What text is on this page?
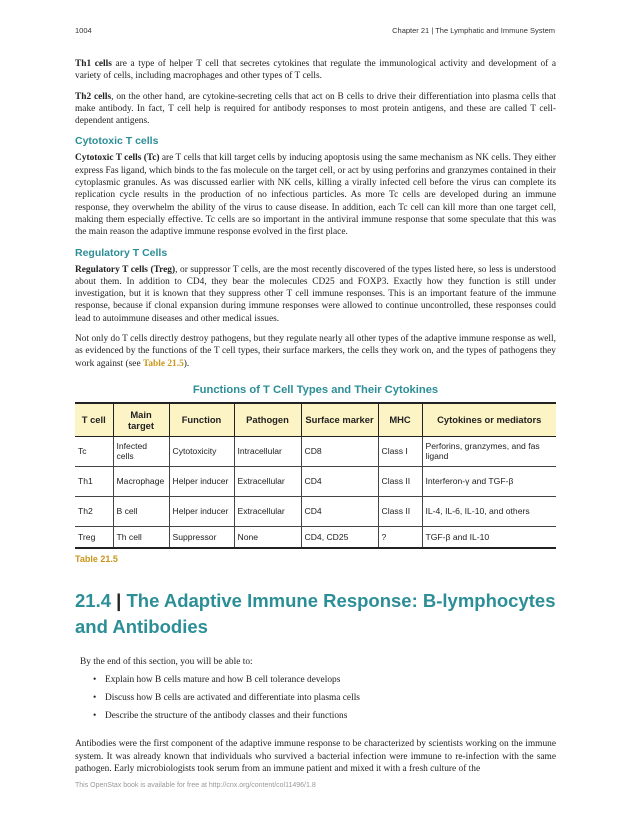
1004	Chapter 21 | The Lymphatic and Immune System

Th1 cells are a type of helper T cell that secretes cytokines that regulate the immunological activity and development of a variety of cells, including macrophages and other types of T cells.

Th2 cells, on the other hand, are cytokine-secreting cells that act on B cells to drive their differentiation into plasma cells that make antibody. In fact, T cell help is required for antibody responses to most protein antigens, and these are called T cell-dependent antigens.

Cytotoxic T cells

Cytotoxic T cells (Tc) are T cells that kill target cells by inducing apoptosis using the same mechanism as NK cells. They either express Fas ligand, which binds to the fas molecule on the target cell, or act by using perforins and granzymes contained in their cytoplasmic granules. As was discussed earlier with NK cells, killing a virally infected cell before the virus can complete its replication cycle results in the production of no infectious particles. As more Tc cells are developed during an immune response, they overwhelm the ability of the virus to cause disease. In addition, each Tc cell can kill more than one target cell, making them especially effective. Tc cells are so important in the antiviral immune response that some speculate that this was the main reason the adaptive immune response evolved in the first place.

Regulatory T Cells

Regulatory T cells (Treg), or suppressor T cells, are the most recently discovered of the types listed here, so less is understood about them. In addition to CD4, they bear the molecules CD25 and FOXP3. Exactly how they function is still under investigation, but it is known that they suppress other T cell immune responses. This is an important feature of the immune response, because if clonal expansion during immune responses were allowed to continue uncontrolled, these responses could lead to autoimmune diseases and other medical issues.

Not only do T cells directly destroy pathogens, but they regulate nearly all other types of the adaptive immune response as well, as evidenced by the functions of the T cell types, their surface markers, the cells they work on, and the types of pathogens they work against (see Table 21.5).

Functions of T Cell Types and Their Cytokines
T cell	Main target	Function	Pathogen	Surface marker	MHC	Cytokines or mediators
Tc	Infected cells	Cytotoxicity	Intracellular	CD8	Class I	Perforins, granzymes, and fas ligand
Th1	Macrophage	Helper inducer	Extracellular	CD4	Class II	Interferon-γ and TGF-β
Th2	B cell	Helper inducer	Extracellular	CD4	Class II	IL-4, IL-6, IL-10, and others
Treg	Th cell	Suppressor	None	CD4, CD25	?	TGF-β and IL-10
Table 21.5
21.4 | The Adaptive Immune Response: B-lymphocytes and Antibodies

By the end of this section, you will be able to:

• Explain how B cells mature and how B cell tolerance develops
• Discuss how B cells are activated and differentiate into plasma cells
• Describe the structure of the antibody classes and their functions

Antibodies were the first component of the adaptive immune response to be characterized by scientists working on the immune system. It was already known that individuals who survived a bacterial infection were immune to re-infection with the same pathogen. Early microbiologists took serum from an immune patient and mixed it with a fresh culture of the

This OpenStax book is available for free at http://cnx.org/content/col11496/1.8
